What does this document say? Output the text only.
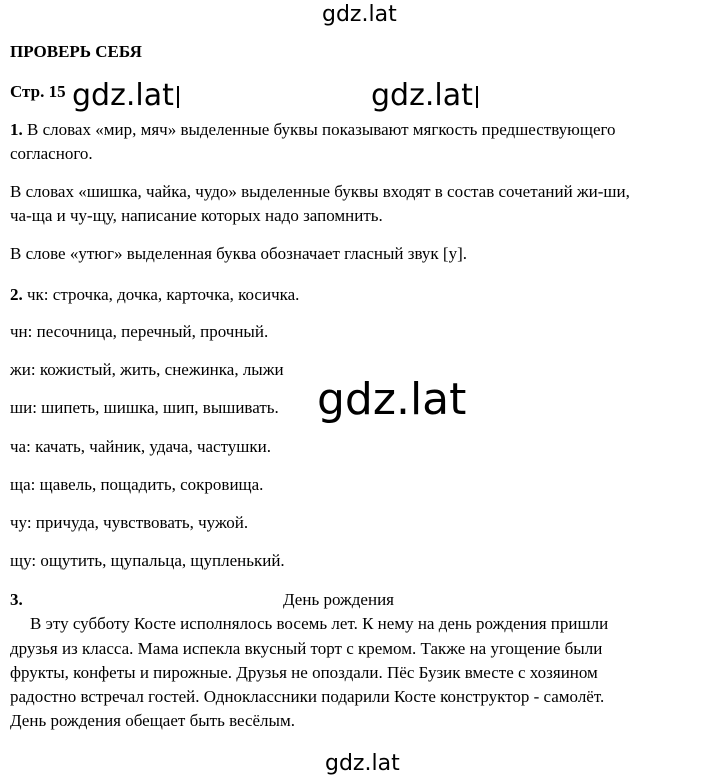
gdz.lat
ПРОВЕРЬ СЕБЯ
Стр. 15 gdz.lat	gdz.lat
1. В словах «мир, мяч» выделенные буквы показывают мягкость предшествующего
согласного.
В словах «шишка, чайка, чудо» выделенные буквы входят в состав сочетаний жи-ши,
ча-ща и чу-щу, написание которых надо запомнить.
В слове «утюг» выделенная буква обозначает гласный звук [у].
2. чк: строчка, дочка, карточка, косичка.
чн: песочница, перечный, прочный.
жи: кожистый, жить, снежинка, лыжи
ши: шипеть, шишка, шип, вышивать. gdz.lat
ча: качать, чайник, удача, частушки.
ща: щавель, пощадить, сокровища.
чу: причуда, чувствовать, чужой.
щу: ощутить, щупальца, щупленький.
3.	День рождения
В эту субботу Косте исполнялось восемь лет. К нему на день рождения пришли
друзья из класса. Мама испекла вкусный торт с кремом. Также на угощение были
фрукты, конфеты и пирожные. Друзья не опоздали. Пёс Бузик вместе с хозяином
радостно встречал гостей. Одноклассники подарили Косте конструктор - самолёт.
День рождения обещает быть весёлым.
gdz.lat
